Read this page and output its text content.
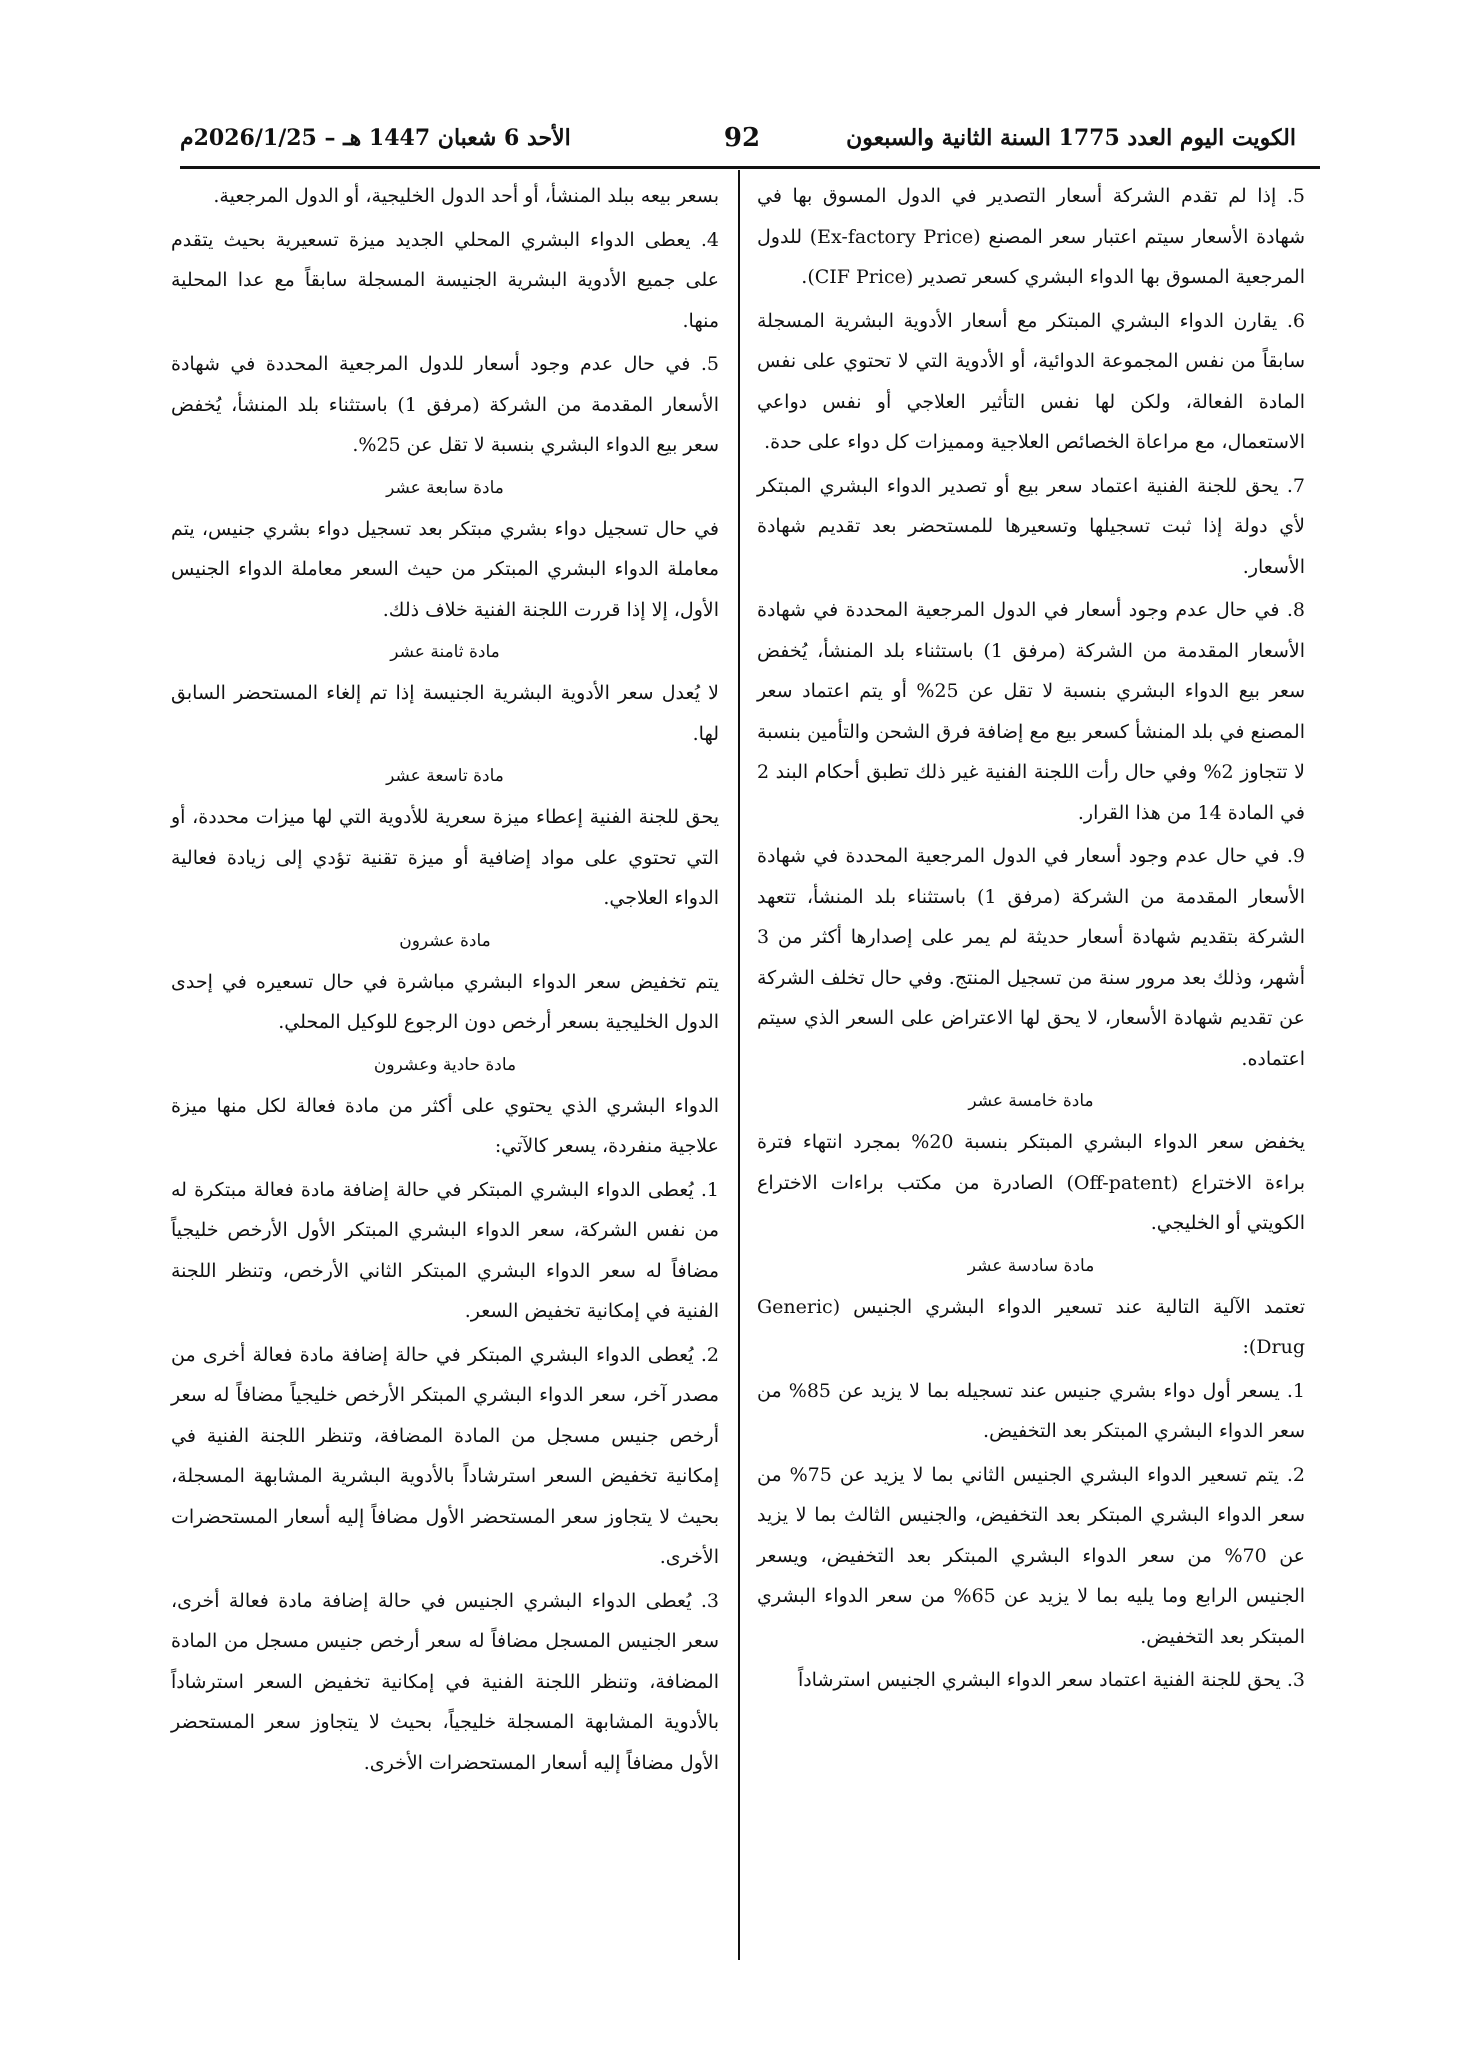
الكويت اليوم العدد 1775 السنة الثانية والسبعون
92
الأحد 6 شعبان 1447 هـ – 2026/1/25م

5. إذا لم تقدم الشركة أسعار التصدير في الدول المسوق بها في شهادة الأسعار سيتم اعتبار سعر المصنع (Ex-factory Price) للدول المرجعية المسوق بها الدواء البشري كسعر تصدير (CIF Price).

6. يقارن الدواء البشري المبتكر مع أسعار الأدوية البشرية المسجلة سابقاً من نفس المجموعة الدوائية، أو الأدوية التي لا تحتوي على نفس المادة الفعالة، ولكن لها نفس التأثير العلاجي أو نفس دواعي الاستعمال، مع مراعاة الخصائص العلاجية ومميزات كل دواء على حدة.

7. يحق للجنة الفنية اعتماد سعر بيع أو تصدير الدواء البشري المبتكر لأي دولة إذا ثبت تسجيلها وتسعيرها للمستحضر بعد تقديم شهادة الأسعار.

8. في حال عدم وجود أسعار في الدول المرجعية المحددة في شهادة الأسعار المقدمة من الشركة (مرفق 1) باستثناء بلد المنشأ، يُخفض سعر بيع الدواء البشري بنسبة لا تقل عن 25% أو يتم اعتماد سعر المصنع في بلد المنشأ كسعر بيع مع إضافة فرق الشحن والتأمين بنسبة لا تتجاوز 2% وفي حال رأت اللجنة الفنية غير ذلك تطبق أحكام البند 2 في المادة 14 من هذا القرار.

9. في حال عدم وجود أسعار في الدول المرجعية المحددة في شهادة الأسعار المقدمة من الشركة (مرفق 1) باستثناء بلد المنشأ، تتعهد الشركة بتقديم شهادة أسعار حديثة لم يمر على إصدارها أكثر من 3 أشهر، وذلك بعد مرور سنة من تسجيل المنتج. وفي حال تخلف الشركة عن تقديم شهادة الأسعار، لا يحق لها الاعتراض على السعر الذي سيتم اعتماده.

مادة خامسة عشر

يخفض سعر الدواء البشري المبتكر بنسبة 20% بمجرد انتهاء فترة براءة الاختراع (Off-patent) الصادرة من مكتب براءات الاختراع الكويتي أو الخليجي.

مادة سادسة عشر

تعتمد الآلية التالية عند تسعير الدواء البشري الجنيس (Generic Drug):

1. يسعر أول دواء بشري جنيس عند تسجيله بما لا يزيد عن 85% من سعر الدواء البشري المبتكر بعد التخفيض.

2. يتم تسعير الدواء البشري الجنيس الثاني بما لا يزيد عن 75% من سعر الدواء البشري المبتكر بعد التخفيض، والجنيس الثالث بما لا يزيد عن 70% من سعر الدواء البشري المبتكر بعد التخفيض، ويسعر الجنيس الرابع وما يليه بما لا يزيد عن 65% من سعر الدواء البشري المبتكر بعد التخفيض.

3. يحق للجنة الفنية اعتماد سعر الدواء البشري الجنيس استرشاداً

بسعر بيعه ببلد المنشأ، أو أحد الدول الخليجية، أو الدول المرجعية.

4. يعطى الدواء البشري المحلي الجديد ميزة تسعيرية بحيث يتقدم على جميع الأدوية البشرية الجنيسة المسجلة سابقاً مع عدا المحلية منها.

5. في حال عدم وجود أسعار للدول المرجعية المحددة في شهادة الأسعار المقدمة من الشركة (مرفق 1) باستثناء بلد المنشأ، يُخفض سعر بيع الدواء البشري بنسبة لا تقل عن 25%.

مادة سابعة عشر

في حال تسجيل دواء بشري مبتكر بعد تسجيل دواء بشري جنيس، يتم معاملة الدواء البشري المبتكر من حيث السعر معاملة الدواء الجنيس الأول، إلا إذا قررت اللجنة الفنية خلاف ذلك.

مادة ثامنة عشر

لا يُعدل سعر الأدوية البشرية الجنيسة إذا تم إلغاء المستحضر السابق لها.

مادة تاسعة عشر

يحق للجنة الفنية إعطاء ميزة سعرية للأدوية التي لها ميزات محددة، أو التي تحتوي على مواد إضافية أو ميزة تقنية تؤدي إلى زيادة فعالية الدواء العلاجي.

مادة عشرون

يتم تخفيض سعر الدواء البشري مباشرة في حال تسعيره في إحدى الدول الخليجية بسعر أرخص دون الرجوع للوكيل المحلي.

مادة حادية وعشرون

الدواء البشري الذي يحتوي على أكثر من مادة فعالة لكل منها ميزة علاجية منفردة، يسعر كالآتي:

1. يُعطى الدواء البشري المبتكر في حالة إضافة مادة فعالة مبتكرة له من نفس الشركة، سعر الدواء البشري المبتكر الأول الأرخص خليجياً مضافاً له سعر الدواء البشري المبتكر الثاني الأرخص، وتنظر اللجنة الفنية في إمكانية تخفيض السعر.

2. يُعطى الدواء البشري المبتكر في حالة إضافة مادة فعالة أخرى من مصدر آخر، سعر الدواء البشري المبتكر الأرخص خليجياً مضافاً له سعر أرخص جنيس مسجل من المادة المضافة، وتنظر اللجنة الفنية في إمكانية تخفيض السعر استرشاداً بالأدوية البشرية المشابهة المسجلة، بحيث لا يتجاوز سعر المستحضر الأول مضافاً إليه أسعار المستحضرات الأخرى.

3. يُعطى الدواء البشري الجنيس في حالة إضافة مادة فعالة أخرى، سعر الجنيس المسجل مضافاً له سعر أرخص جنيس مسجل من المادة المضافة، وتنظر اللجنة الفنية في إمكانية تخفيض السعر استرشاداً بالأدوية المشابهة المسجلة خليجياً، بحيث لا يتجاوز سعر المستحضر الأول مضافاً إليه أسعار المستحضرات الأخرى.
